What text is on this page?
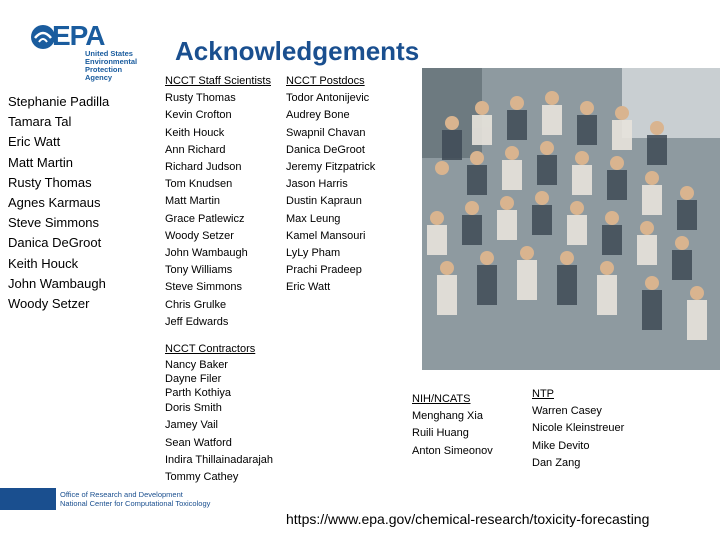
EPA
United States
Environmental Protection
Agency
Acknowledgements
Stephanie Padilla
Tamara Tal
Eric Watt
Matt Martin
Rusty Thomas
Agnes Karmaus
Steve Simmons
Danica DeGroot
Keith Houck
John Wambaugh
Woody Setzer
NCCT Staff Scientists
Rusty Thomas
Kevin Crofton
Keith Houck
Ann Richard
Richard Judson
Tom Knudsen
Matt Martin
Grace Patlewicz
Woody Setzer
John Wambaugh
Tony Williams
Steve Simmons
Chris Grulke
Jeff Edwards
NCCT Postdocs
Todor Antonijevic
Audrey Bone
Swapnil Chavan
Danica DeGroot
Jeremy Fitzpatrick
Jason Harris
Dustin Kapraun
Max Leung
Kamel Mansouri
LyLy Pham
Prachi Pradeep
Eric Watt
NCCT Contractors
Nancy Baker
Dayne Filer
Parth Kothiya
Doris Smith
Jamey Vail
Sean Watford
Indira Thillainadarajah
Tommy Cathey
NIH/NCATS
Menghang Xia
Ruili Huang
Anton Simeonov
NTP
Warren Casey
Nicole Kleinstreuer
Mike Devito
Dan Zang
Office of Research and Development
National Center for Computational Toxicology
https://www.epa.gov/chemical-research/toxicity-forecasting
